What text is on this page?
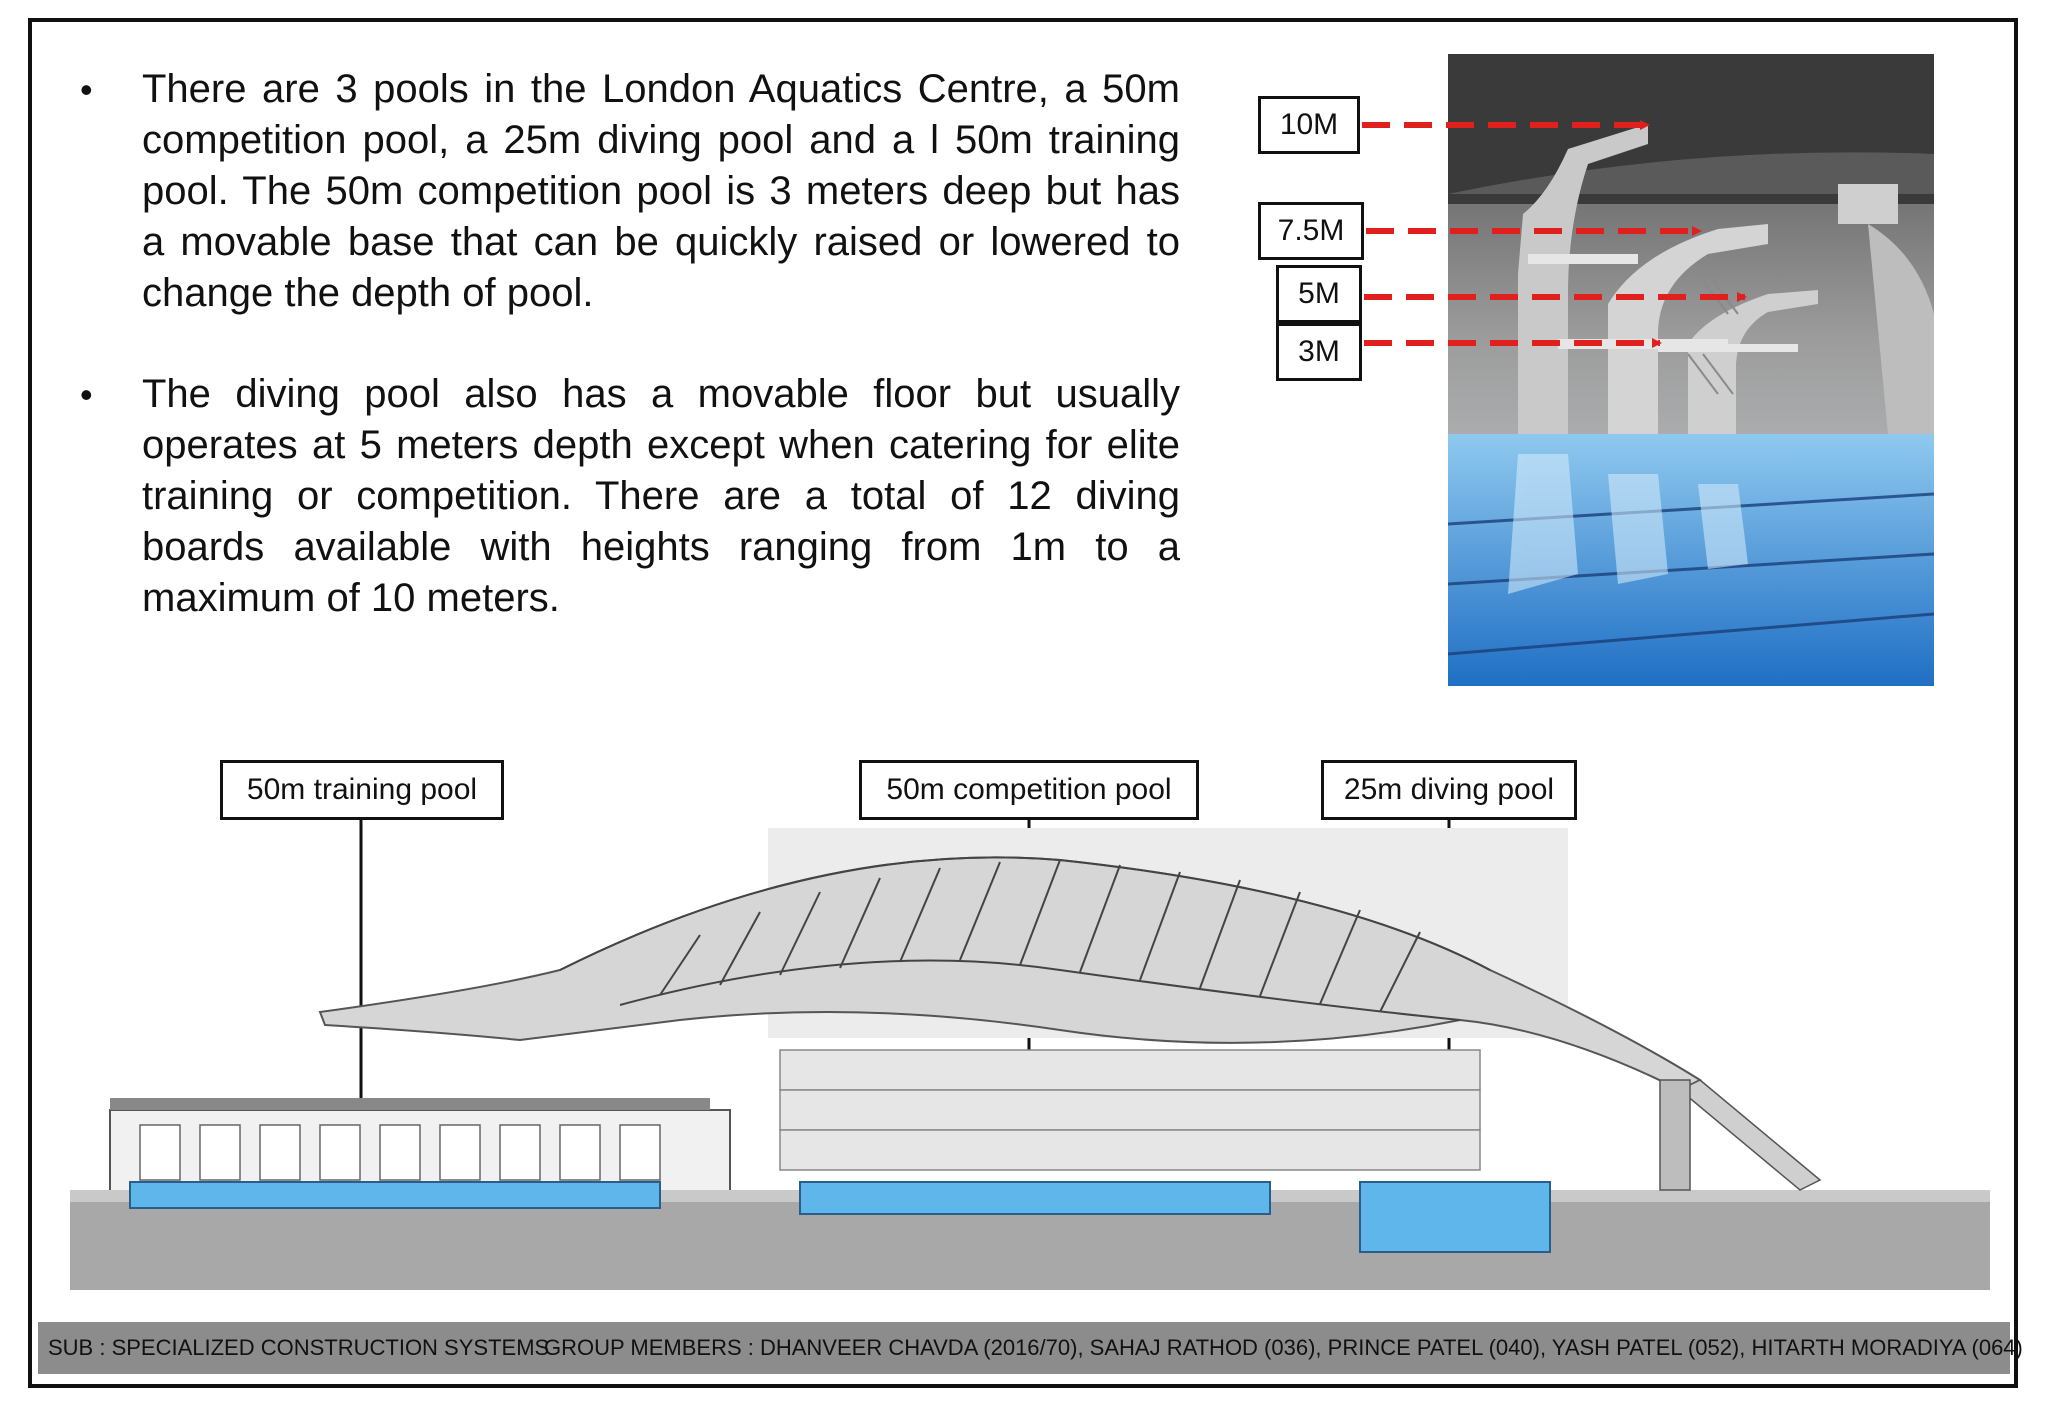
• There are 3 pools in the London Aquatics Centre, a 50m competition pool, a 25m diving pool and a l 50m training pool. The 50m competition pool is 3 meters deep but has a movable base that can be quickly raised or lowered to change the depth of pool.
• The diving pool also has a movable floor but usually operates at 5 meters depth except when catering for elite training or competition. There are a total of 12 diving boards available with heights ranging from 1m to a maximum of 10 meters.
10M
7.5M
5M
3M
50m training pool	50m competition pool	25m diving pool
SUB : SPECIALIZED CONSTRUCTION SYSTEMS
GROUP MEMBERS : DHANVEER CHAVDA (2016/70), SAHAJ RATHOD (036), PRINCE PATEL (040), YASH PATEL (052), HITARTH MORADIYA (064)
